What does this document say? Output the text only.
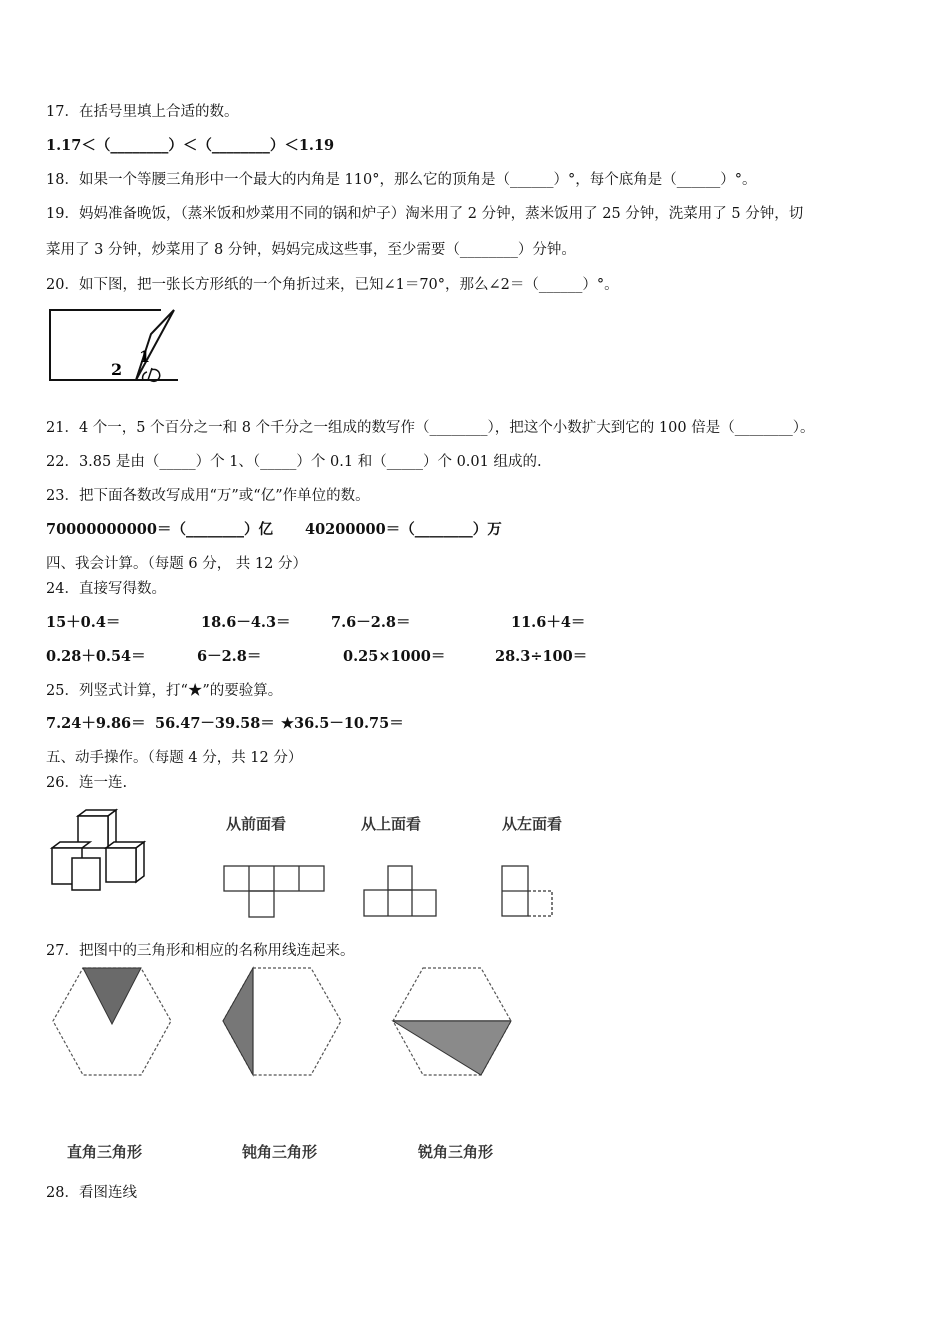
17．在括号里填上合适的数。
1.17＜（________）＜（________）＜1.19
18．如果一个等腰三角形中一个最大的内角是 110°，那么它的顶角是（______）°，每个底角是（______）°。
19．妈妈准备晚饭，（蒸米饭和炒菜用不同的锅和炉子）淘米用了 2 分钟，蒸米饭用了 25 分钟，洗菜用了 5 分钟，切
菜用了 3 分钟，炒菜用了 8 分钟，妈妈完成这些事，至少需要（________）分钟。
20．如下图，把一张长方形纸的一个角折过来，已知∠1＝70°，那么∠2＝（______）°。
1
2
21．4 个一，5 个百分之一和 8 个千分之一组成的数写作（________），把这个小数扩大到它的 100 倍是（________）。
22．3.85 是由（_____）个 1、（_____）个 0.1 和（_____）个 0.01 组成的.
23．把下面各数改写成用“万”或“亿”作单位的数。
70000000000＝（________）亿 40200000＝（________）万
四、我会计算。（每题 6 分， 共 12 分）
24．直接写得数。
15＋0.4＝	18.6－4.3＝	7.6－2.8＝	11.6＋4＝
0.28＋0.54＝	6－2.8＝	0.25×1000＝	28.3÷100＝
25．列竖式计算，打“★”的要验算。
7.24＋9.86＝ 56.47－39.58＝ ★36.5－10.75＝
五、动手操作。（每题 4 分，共 12 分）
26．连一连.
从前面看	从上面看	从左面看
27．把图中的三角形和相应的名称用线连起来。
直角三角形	钝角三角形	锐角三角形
28．看图连线
